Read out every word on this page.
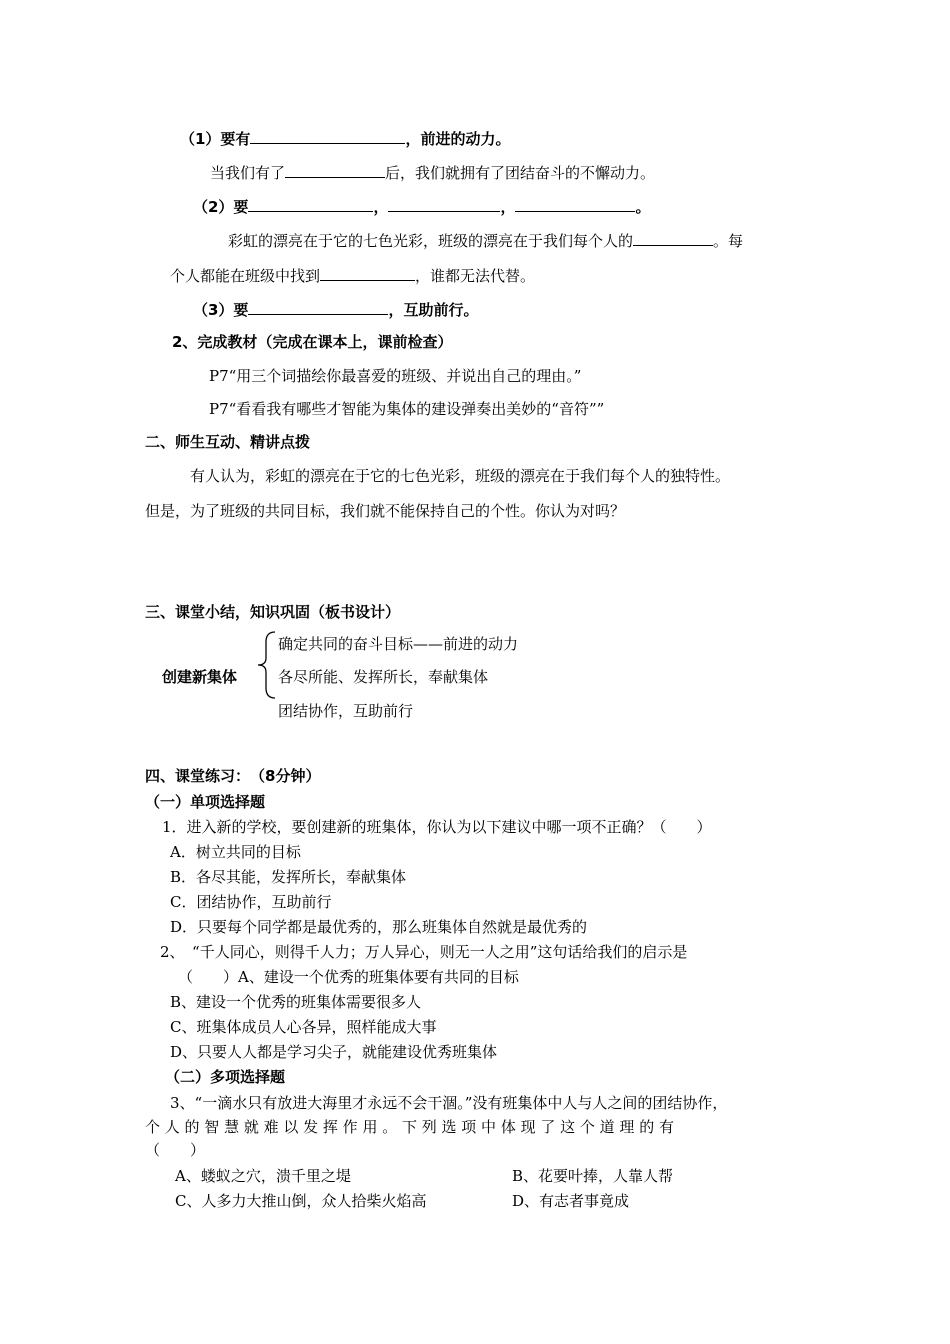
（1）要有	，前进的动力。
当我们有了	后，我们就拥有了团结奋斗的不懈动力。
（2）要	，	，	。
彩虹的漂亮在于它的七色光彩，班级的漂亮在于我们每个人的	。每
个人都能在班级中找到	，谁都无法代替。
（3）要	，互助前行。
2、完成教材（完成在课本上，课前检查）
P7“用三个词描绘你最喜爱的班级、并说出自己的理由。”
P7“看看我有哪些才智能为集体的建设弹奏出美妙的“音符””
二、师生互动、精讲点拨
有人认为，彩虹的漂亮在于它的七色光彩，班级的漂亮在于我们每个人的独特性。
但是，为了班级的共同目标，我们就不能保持自己的个性。你认为对吗？
三、课堂小结，知识巩固（板书设计）
创建新集体
确定共同的奋斗目标——前进的动力
各尽所能、发挥所长，奉献集体
团结协作，互助前行
四、课堂练习：　（8分钟）
（一）单项选择题
1．进入新的学校，要创建新的班集体，你认为以下建议中哪一项不正确？（　　）
A．树立共同的目标
B．各尽其能，发挥所长，奉献集体
C．团结协作，互助前行
D．只要每个同学都是最优秀的，那么班集体自然就是最优秀的
2、　“千人同心，则得千人力；万人异心，则无一人之用”这句话给我们的启示是
（　　）A、建设一个优秀的班集体要有共同的目标
B、建设一个优秀的班集体需要很多人
C、班集体成员人心各异，照样能成大事
D、只要人人都是学习尖子，就能建设优秀班集体
（二）多项选择题
3、“一滴水只有放进大海里才永远不会干涸。”没有班集体中人与人之间的团结协作，
个 人 的 智 慧 就 难 以 发 挥 作 用 。 下 列 选 项 中 体 现 了 这 个 道 理 的 有
（　　）
A、蝼蚁之穴，溃千里之堤	B、花要叶捧，人靠人帮
C、人多力大推山倒，众人拾柴火焰高	D、有志者事竟成
